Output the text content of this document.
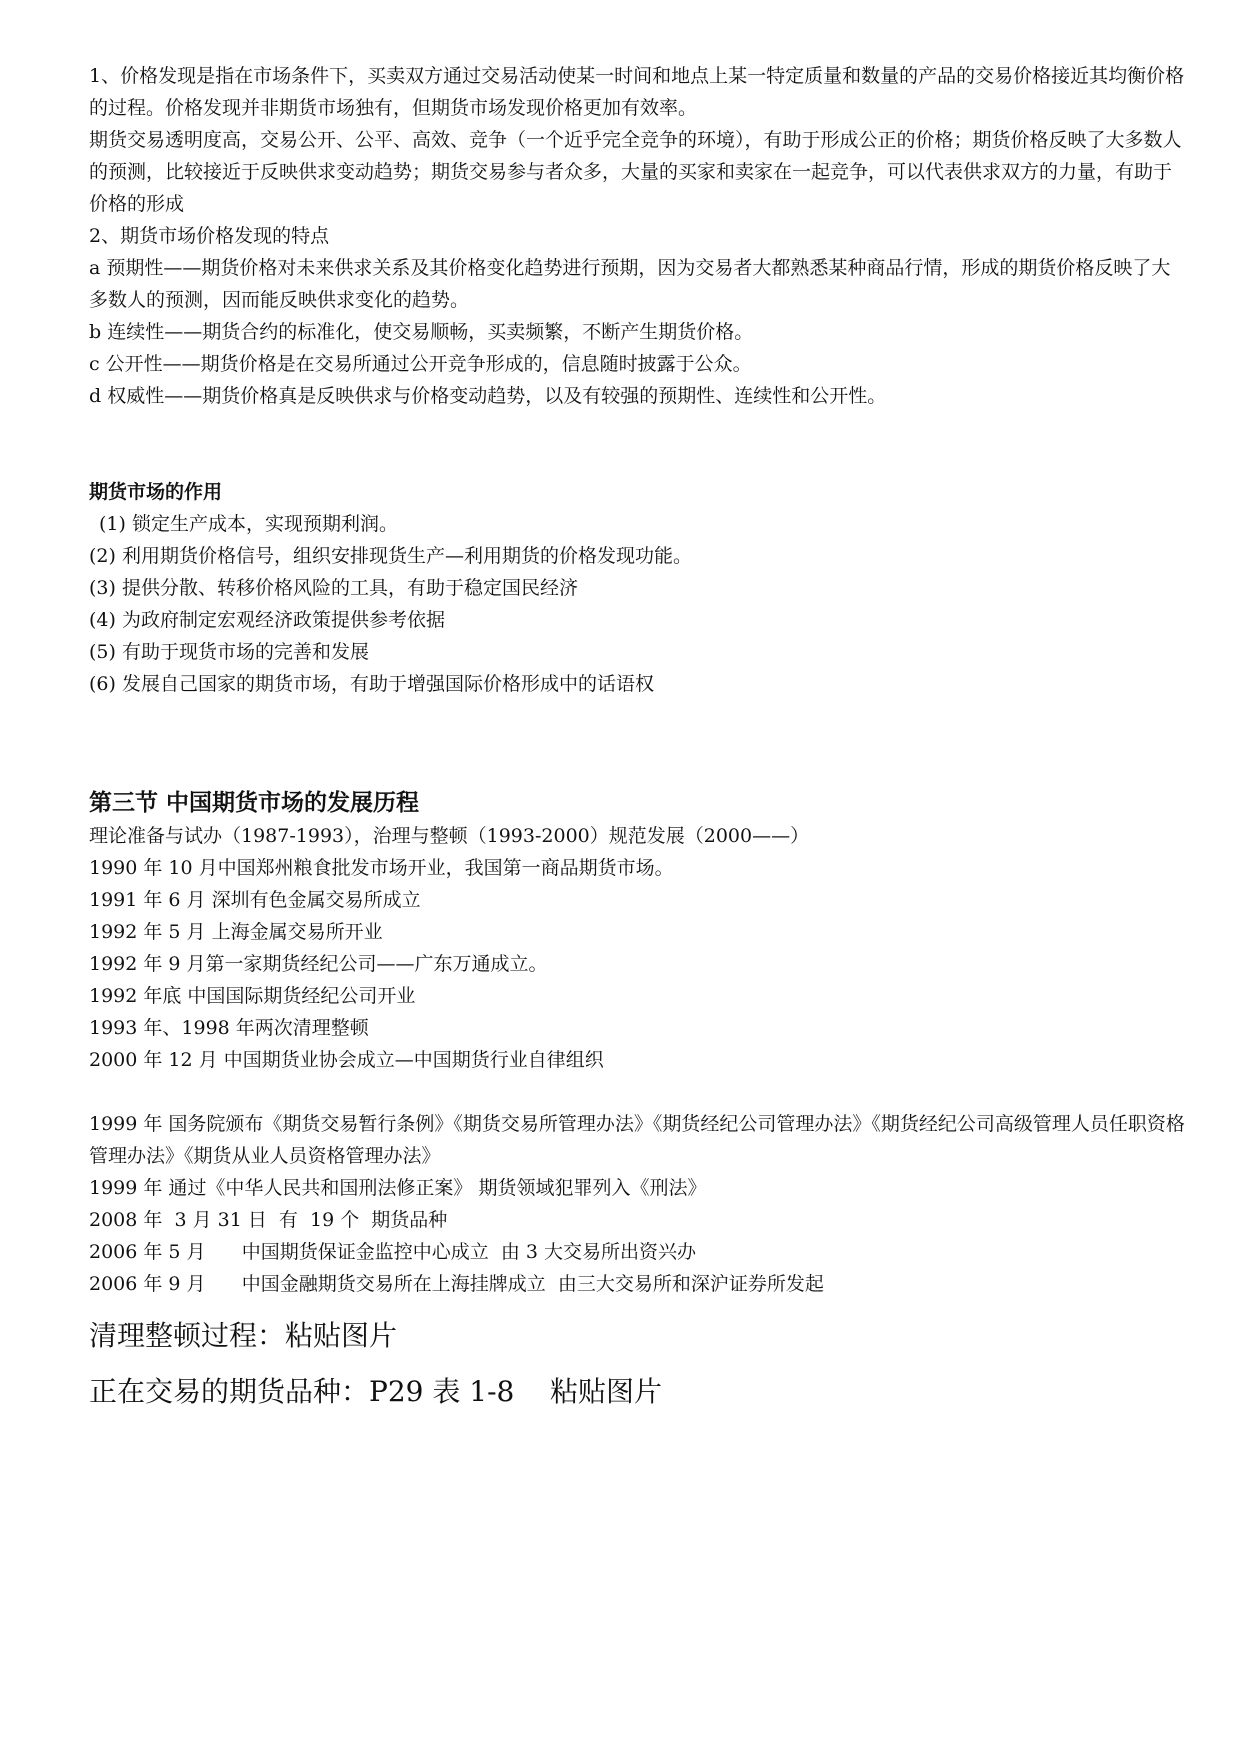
1、价格发现是指在市场条件下，买卖双方通过交易活动使某一时间和地点上某一特定质量和数量的产品的交易价格接近其均衡价格的过程。价格发现并非期货市场独有，但期货市场发现价格更加有效率。

期货交易透明度高，交易公开、公平、高效、竞争（一个近乎完全竞争的环境），有助于形成公正的价格；期货价格反映了大多数人的预测，比较接近于反映供求变动趋势；期货交易参与者众多，大量的买家和卖家在一起竞争，可以代表供求双方的力量，有助于价格的形成

2、期货市场价格发现的特点

a 预期性——期货价格对未来供求关系及其价格变化趋势进行预期，因为交易者大都熟悉某种商品行情，形成的期货价格反映了大多数人的预测，因而能反映供求变化的趋势。

b 连续性——期货合约的标准化，使交易顺畅，买卖频繁，不断产生期货价格。

c 公开性——期货价格是在交易所通过公开竞争形成的，信息随时披露于公众。

d 权威性——期货价格真是反映供求与价格变动趋势，以及有较强的预期性、连续性和公开性。

期货市场的作用

(1) 锁定生产成本，实现预期利润。

(2) 利用期货价格信号，组织安排现货生产—利用期货的价格发现功能。

(3) 提供分散、转移价格风险的工具，有助于稳定国民经济

(4) 为政府制定宏观经济政策提供参考依据

(5) 有助于现货市场的完善和发展

(6) 发展自己国家的期货市场，有助于增强国际价格形成中的话语权

第三节 中国期货市场的发展历程

理论准备与试办（1987-1993），治理与整顿（1993-2000）规范发展（2000——）

1990 年 10 月中国郑州粮食批发市场开业，我国第一商品期货市场。

1991 年 6 月 深圳有色金属交易所成立

1992 年 5 月 上海金属交易所开业

1992 年 9 月第一家期货经纪公司——广东万通成立。

1992 年底 中国国际期货经纪公司开业

1993 年、1998 年两次清理整顿

2000 年 12 月 中国期货业协会成立—中国期货行业自律组织

1999 年 国务院颁布《期货交易暂行条例》《期货交易所管理办法》《期货经纪公司管理办法》《期货经纪公司高级管理人员任职资格管理办法》《期货从业人员资格管理办法》

1999 年 通过《中华人民共和国刑法修正案》 期货领域犯罪列入《刑法》

2008 年  3 月 31 日  有  19 个  期货品种

2006 年 5 月      中国期货保证金监控中心成立  由 3 大交易所出资兴办

2006 年 9 月      中国金融期货交易所在上海挂牌成立  由三大交易所和深沪证券所发起

清理整顿过程：粘贴图片

正在交易的期货品种：P29 表 1-8    粘贴图片
